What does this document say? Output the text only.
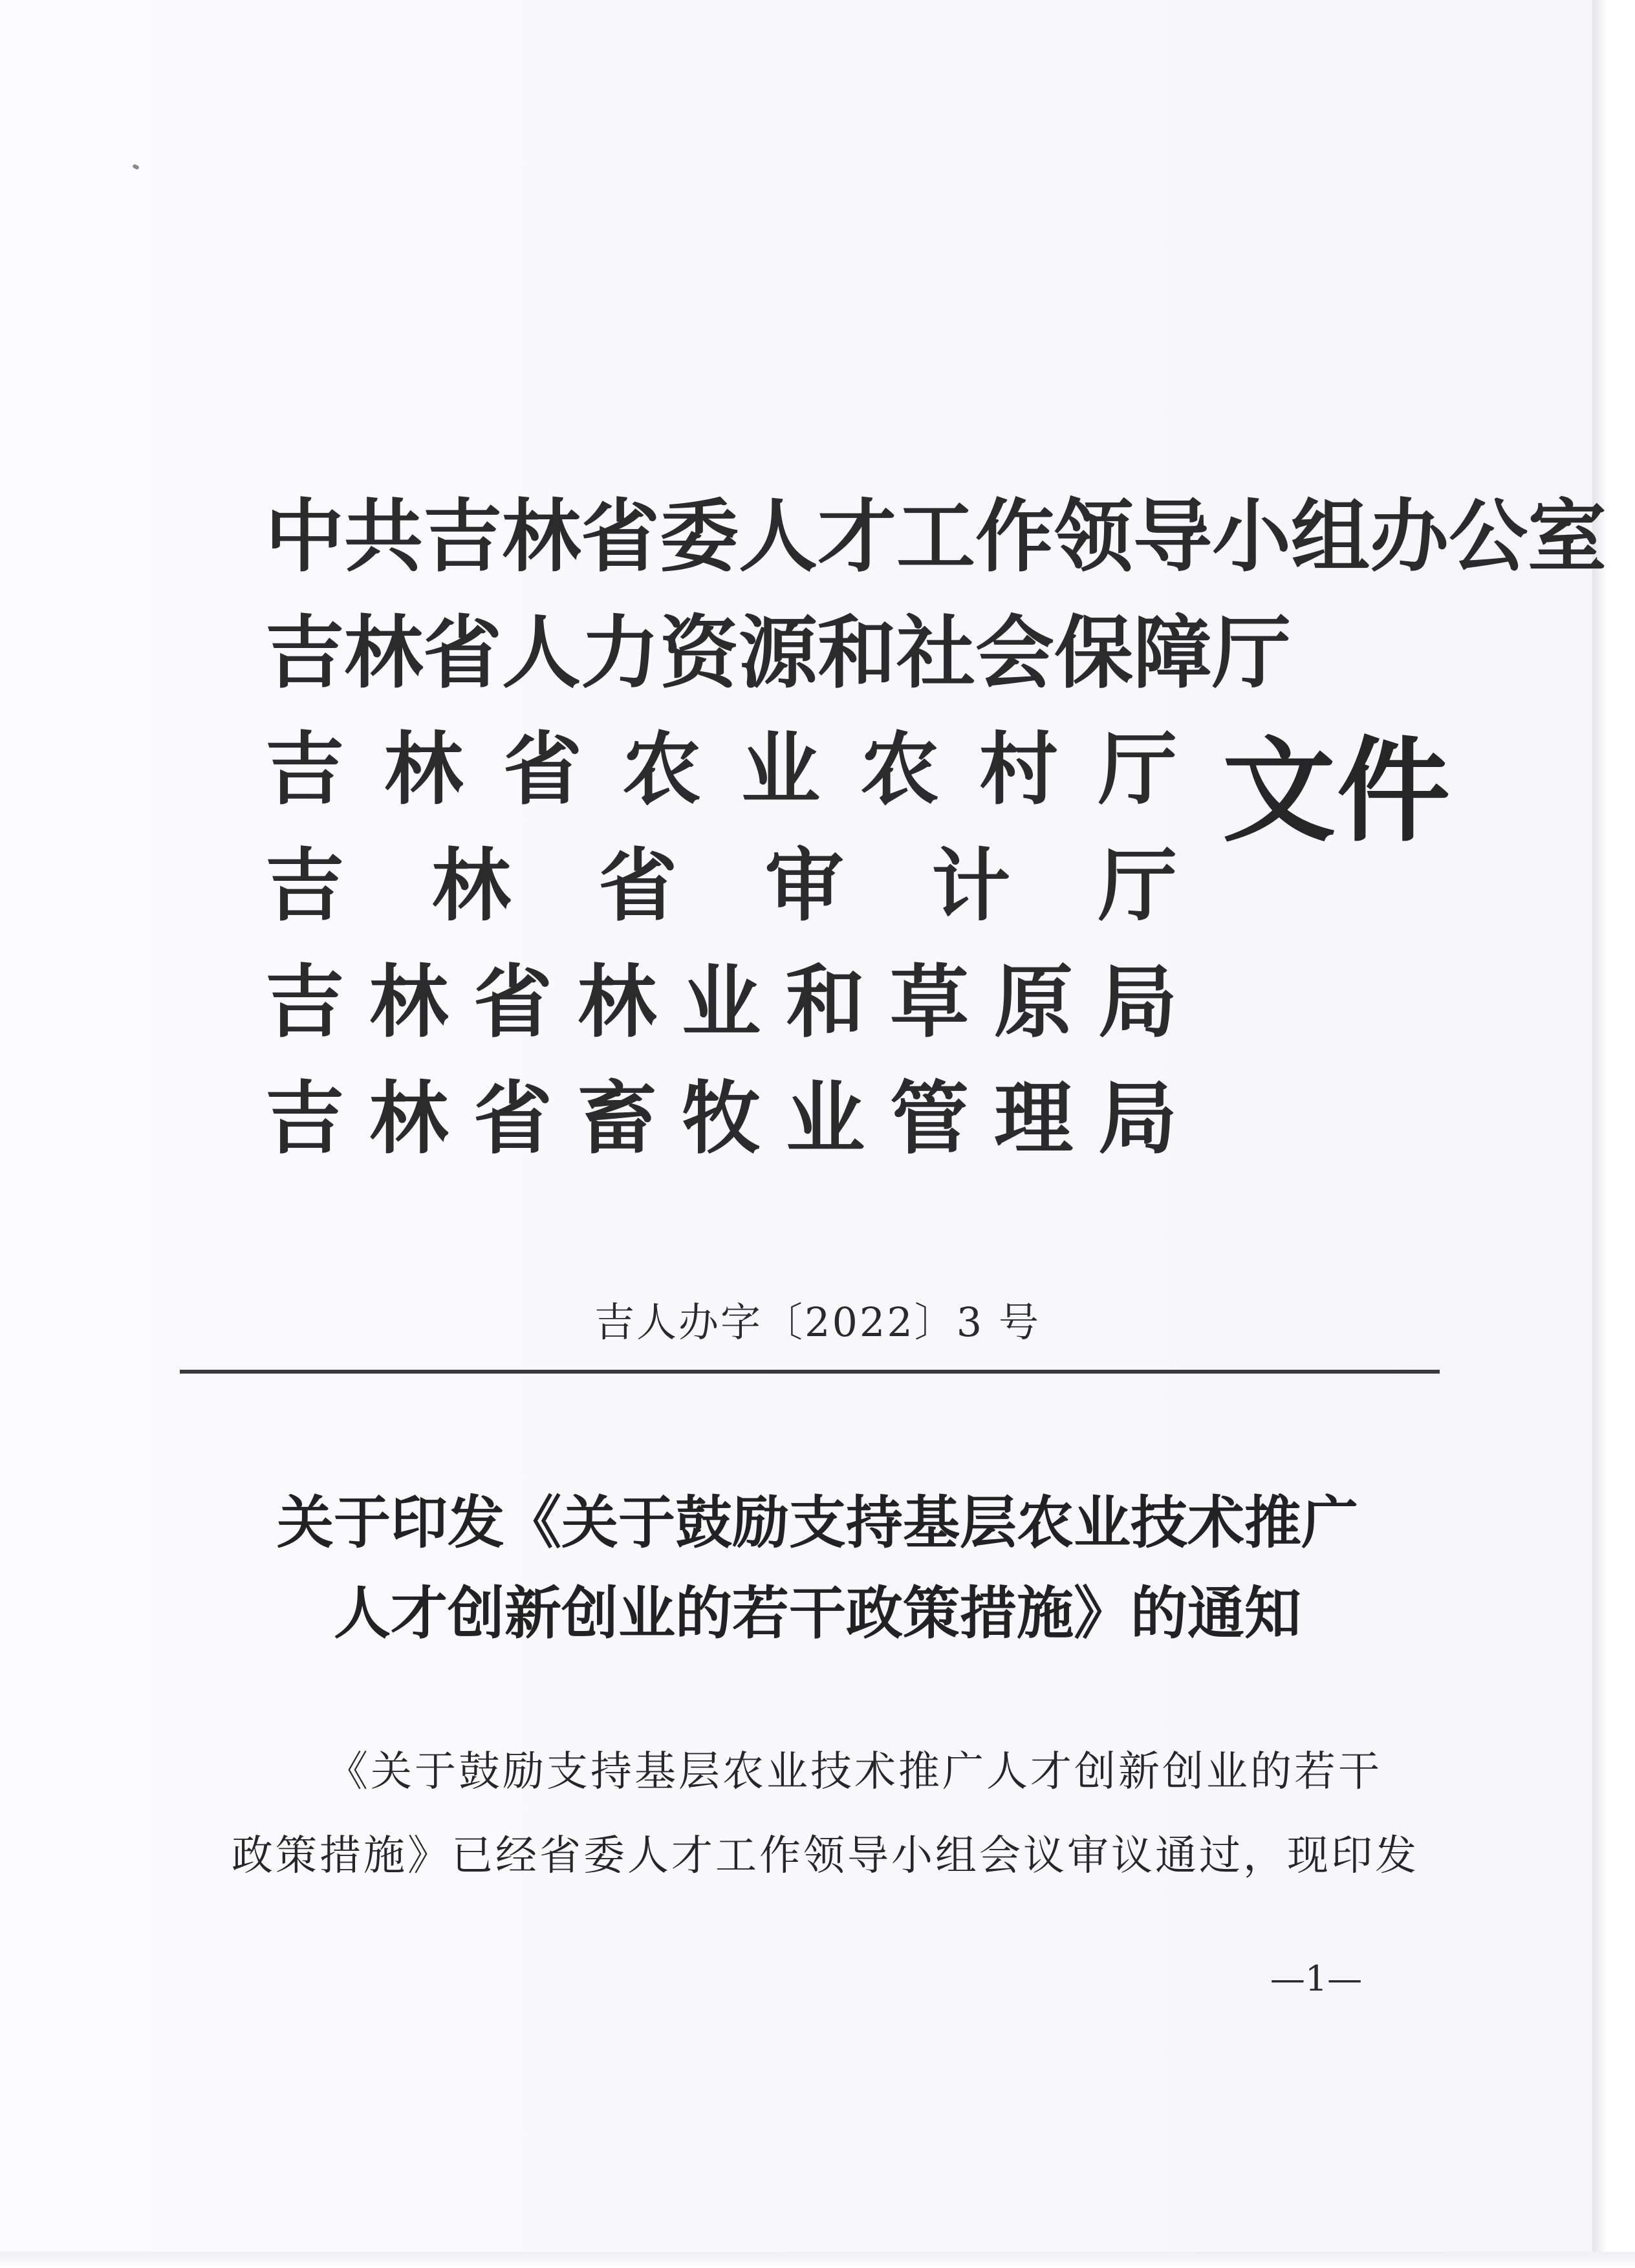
中 共 吉 林 省 委 人 才 工 作 领 导 小 组 办 公 室
吉 林 省 人 力 资 源 和 社 会 保 障 厅
吉 林 省 农 业 农 村 厅
吉 林 省 审 计 厅
吉 林 省 林 业 和 草 原 局
吉 林 省 畜 牧 业 管 理 局
文件
吉人办字〔2022〕3 号
关于印发《关于鼓励支持基层农业技术推广
人才创新创业的若干政策措施》的通知
《关于鼓励支持基层农业技术推广人才创新创业的若干
政策措施》已经省委人才工作领导小组会议审议通过，现印发
—1—
